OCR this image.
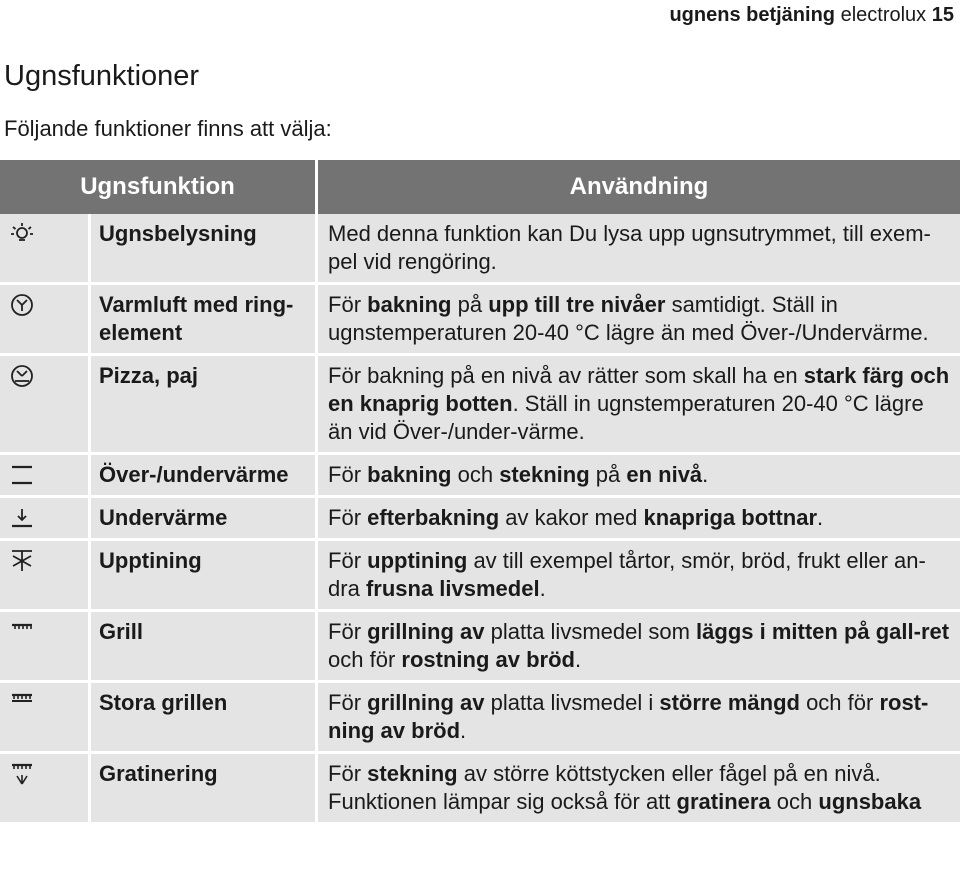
ugnens betjäning electrolux 15
Ugnsfunktioner
Följande funktioner finns att välja:
Ugnsfunktion		Användning

	Ugnsbelysning	Med denna funktion kan Du lysa upp ugnsutrymmet, till exem-pel vid rengöring.

	Varmluft med ring-element	För bakning på upp till tre nivåer samtidigt. Ställ in ugnstemperaturen 20-40 °C lägre än med Över-/Undervärme.

	Pizza, paj	För bakning på en nivå av rätter som skall ha en stark färg och en knaprig botten. Ställ in ugnstemperaturen 20-40 °C lägre än vid Över-/under-värme.

	Över-/undervärme	För bakning och stekning på en nivå.

	Undervärme	För efterbakning av kakor med knapriga bottnar.

	Upptining	För upptining av till exempel tårtor, smör, bröd, frukt eller an-dra frusna livsmedel.

	Grill	För grillning av platta livsmedel som läggs i mitten på gall-ret och för rostning av bröd.

	Stora grillen	För grillning av platta livsmedel i större mängd och för rost-ning av bröd.

	Gratinering	För stekning av större köttstycken eller fågel på en nivå. Funktionen lämpar sig också för att gratinera och ugnsbaka
